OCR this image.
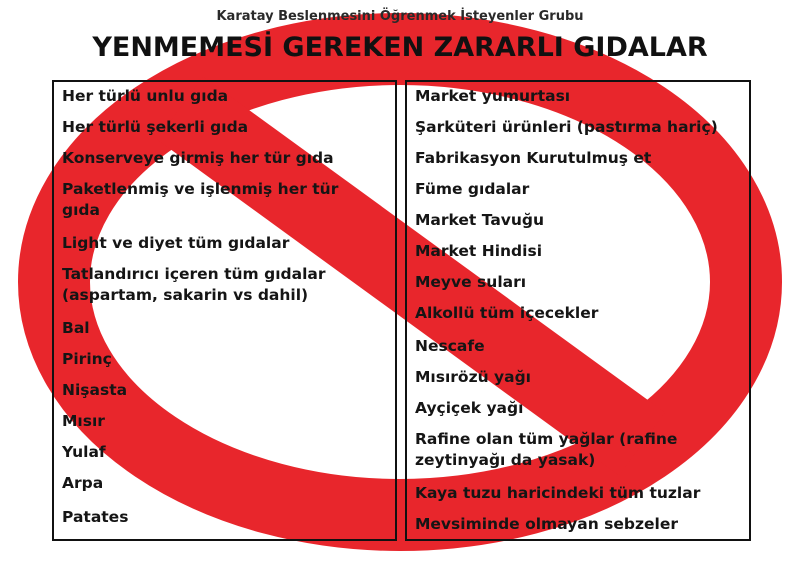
Karatay Beslenmesini Öğrenmek İsteyenler Grubu
YENMEMESİ GEREKEN ZARARLI GIDALAR
Her türlü unlu gıda
Her türlü şekerli gıda
Konserveye girmiş her tür gıda
Paketlenmiş ve işlenmiş her tür gıda
Light ve diyet tüm gıdalar
Tatlandırıcı içeren tüm gıdalar (aspartam, sakarin vs dahil)
Bal
Pirinç
Nişasta
Mısır
Yulaf
Arpa
Patates
Market yumurtası
Şarküteri ürünleri (pastırma hariç)
Fabrikasyon Kurutulmuş et
Füme gıdalar
Market Tavuğu
Market Hindisi
Meyve suları
Alkollü tüm içecekler
Nescafe
Mısırözü yağı
Ayçiçek yağı
Rafine olan tüm yağlar (rafine zeytinyağı da yasak)
Kaya tuzu haricindeki tüm tuzlar
Mevsiminde olmayan sebzeler
